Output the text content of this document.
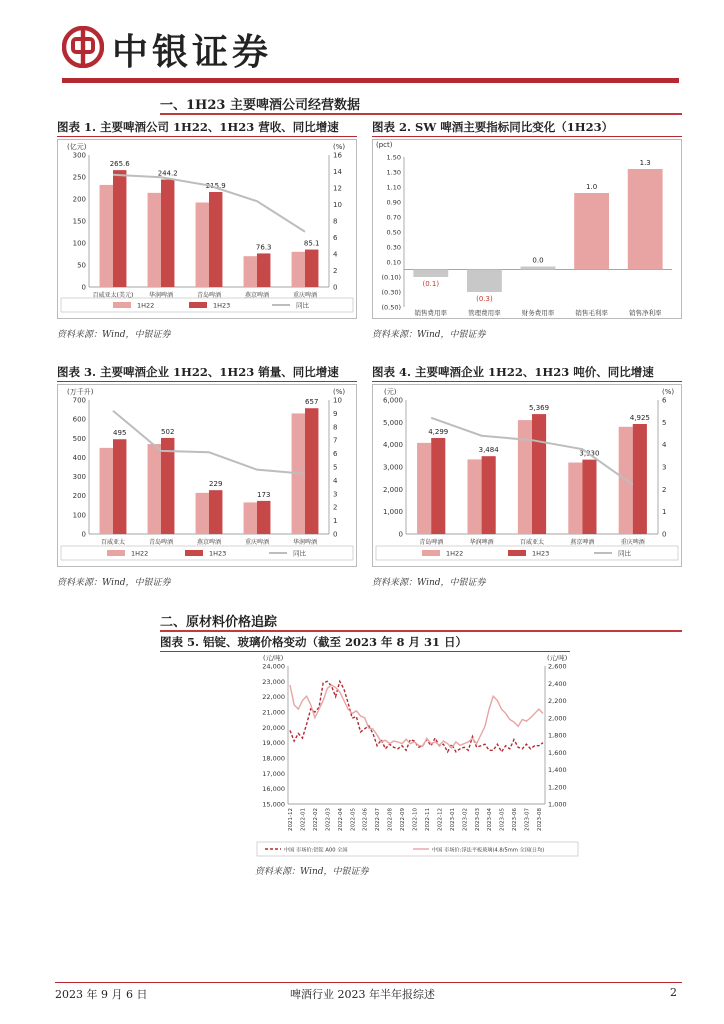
中银证券
一、1H23 主要啤酒公司经营数据
图表 1. 主要啤酒公司 1H22、1H23 营收、同比增速
(亿元)	(%)
300
250
200
150
100
50
0
16
14
12
10
8
6
4
2
0
265.6
百威亚太(美元)
244.2
华润啤酒
215.9
青岛啤酒
76.3
燕京啤酒
85.1
重庆啤酒
1H22	1H23	同比
资料来源：Wind，中银证券
图表 2. SW 啤酒主要指标同比变化（1H23）
(pct)
1.50
1.30
1.10
0.90
0.70
0.50
0.30
0.10
(0.10)
(0.30)
(0.50)
(0.1)
销售费用率
(0.3)
管理费用率
0.0
财务费用率
1.0
销售毛利率
1.3
销售净利率
资料来源：Wind，中银证券
图表 3. 主要啤酒企业 1H22、1H23 销量、同比增速
(万千升)	(%)
700
600
500
400
300
200
100
0
10
9
8
7
6
5
4
3
2
1
0
495
百威亚太
502
青岛啤酒
229
燕京啤酒
173
重庆啤酒
657
华润啤酒
1H22	1H23	同比
资料来源：Wind，中银证券
图表 4. 主要啤酒企业 1H22、1H23 吨价、同比增速
(元)	(%)
6,000
5,000
4,000
3,000
2,000
1,000
0
6
5
4
3
2
1
0
4,299
青岛啤酒
3,484
华润啤酒
5,369
百威亚太
3,330
燕京啤酒
4,925
重庆啤酒
1H22	1H23	同比
资料来源：Wind，中银证券
二、原材料价格追踪
图表 5. 铝锭、玻璃价格变动（截至 2023 年 8 月 31 日）
(元/吨)	(元/吨)
24,000
23,000
22,000
21,000
20,000
19,000
18,000
17,000
16,000
15,000
2,600
2,400
2,200
2,000
1,800
1,600
1,400
1,200
1,000
2021-12 2022-01 2022-02 2022-03 2022-04 2022-05 2022-06 2022-07 2022-08 2022-09 2022-10 2022-11 2022-12 2023-01 2023-02 2023-03 2023-04 2023-05 2023-06 2023-07 2023-08
中国 市场价:铝锭 A00 全国	中国 市场价:浮法平板玻璃(4.8/5mm 全国(日均)
资料来源：Wind，中银证券
2023 年 9 月 6 日	啤酒行业 2023 年半年报综述	2
